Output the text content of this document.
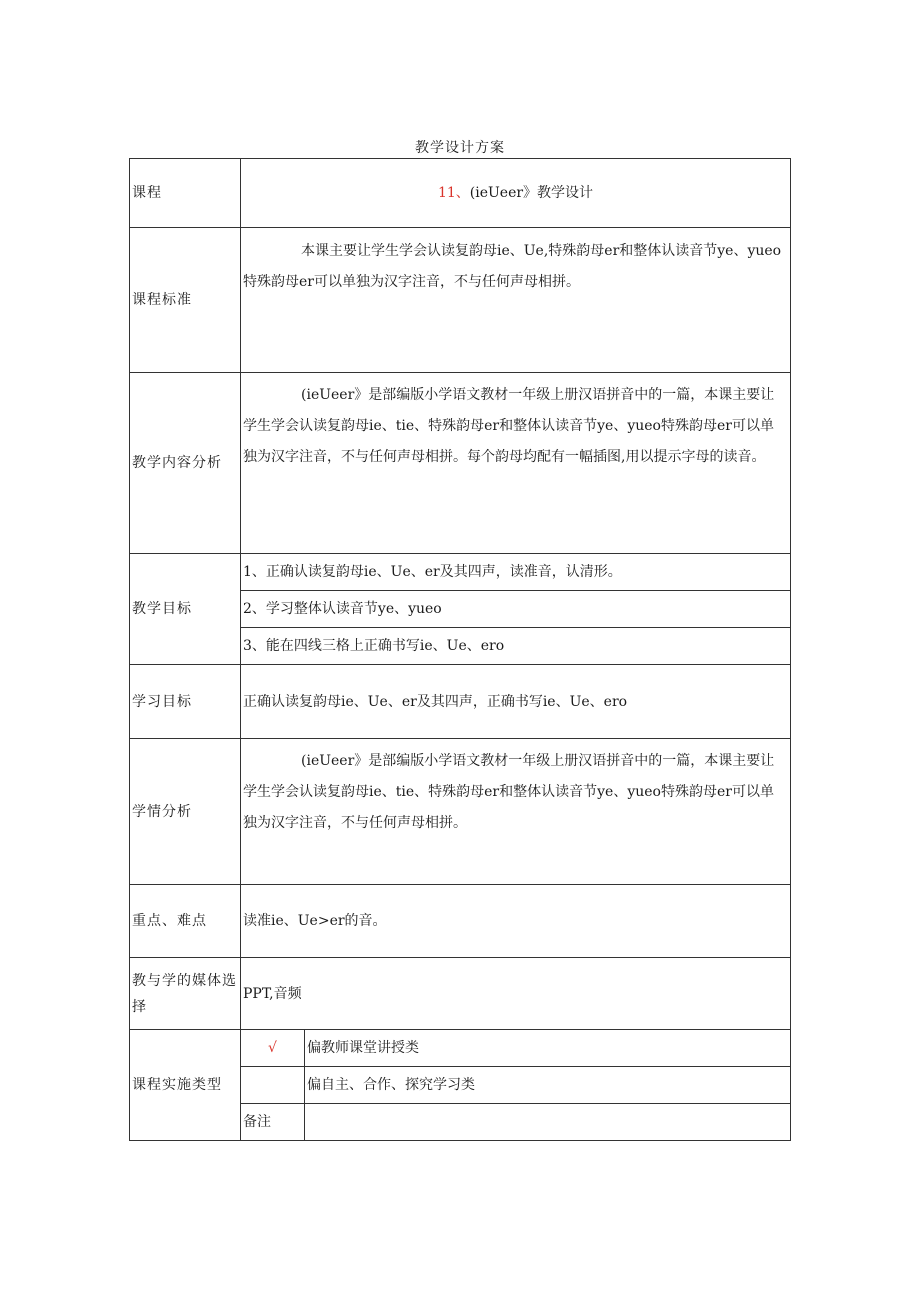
教学设计方案
课程	11、(ieUeer》教学设计	
课程标准	本课主要让学生学会认读复韵母ie、Ue,特殊韵母er和整体认读音节ye、yueo特殊韵母er可以单独为汉字注音，不与任何声母相拼。	

教学内容分析	(ieUeer》是部编版小学语文教材一年级上册汉语拼音中的一篇，本课主要让学生学会认读复韵母ie、tie、特殊韵母er和整体认读音节ye、yueo特殊韵母er可以单独为汉字注音，不与任何声母相拼。每个韵母均配有一幅插图,用以提示字母的读音。	

教学目标	1、正确认读复韵母ie、Ue、er及其四声，读准音，认清形。	
	2、学习整体认读音节ye、yueo	
	3、能在四线三格上正确书写ie、Ue、ero	
学习目标	正确认读复韵母ie、Ue、er及其四声，正确书写ie、Ue、ero	
学情分析	(ieUeer》是部编版小学语文教材一年级上册汉语拼音中的一篇，本课主要让学生学会认读复韵母ie、tie、特殊韵母er和整体认读音节ye、yueo特殊韵母er可以单独为汉字注音，不与任何声母相拼。	

重点、难点	读准ie、Ue>er的音。	
教与学的媒体选择	PPT,音频	
课程实施类型	√	偏教师课堂讲授类
		偏自主、合作、探究学习类
	备注	
